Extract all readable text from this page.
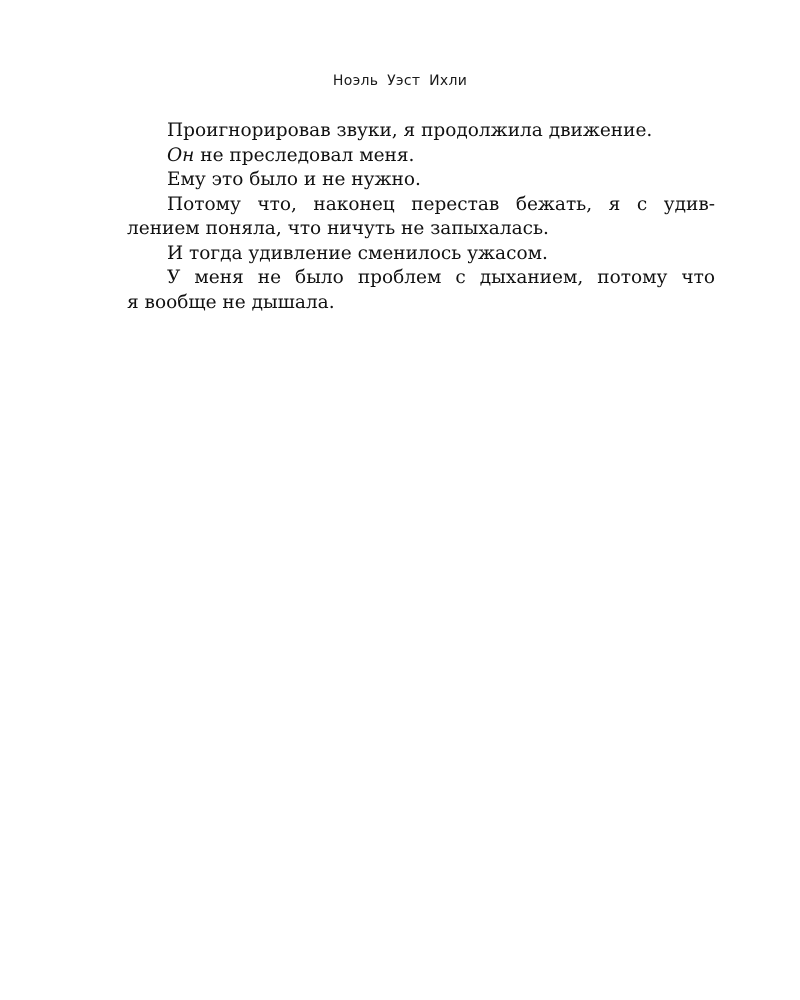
Ноэль Уэст Ихли
Проигнорировав звуки, я продолжила движение.
Он не преследовал меня.
Ему это было и не нужно.
Потому что, наконец перестав бежать, я с удив-
лением поняла, что ничуть не запыхалась.
И тогда удивление сменилось ужасом.
У меня не было проблем с дыханием, потому что
я вообще не дышала.
